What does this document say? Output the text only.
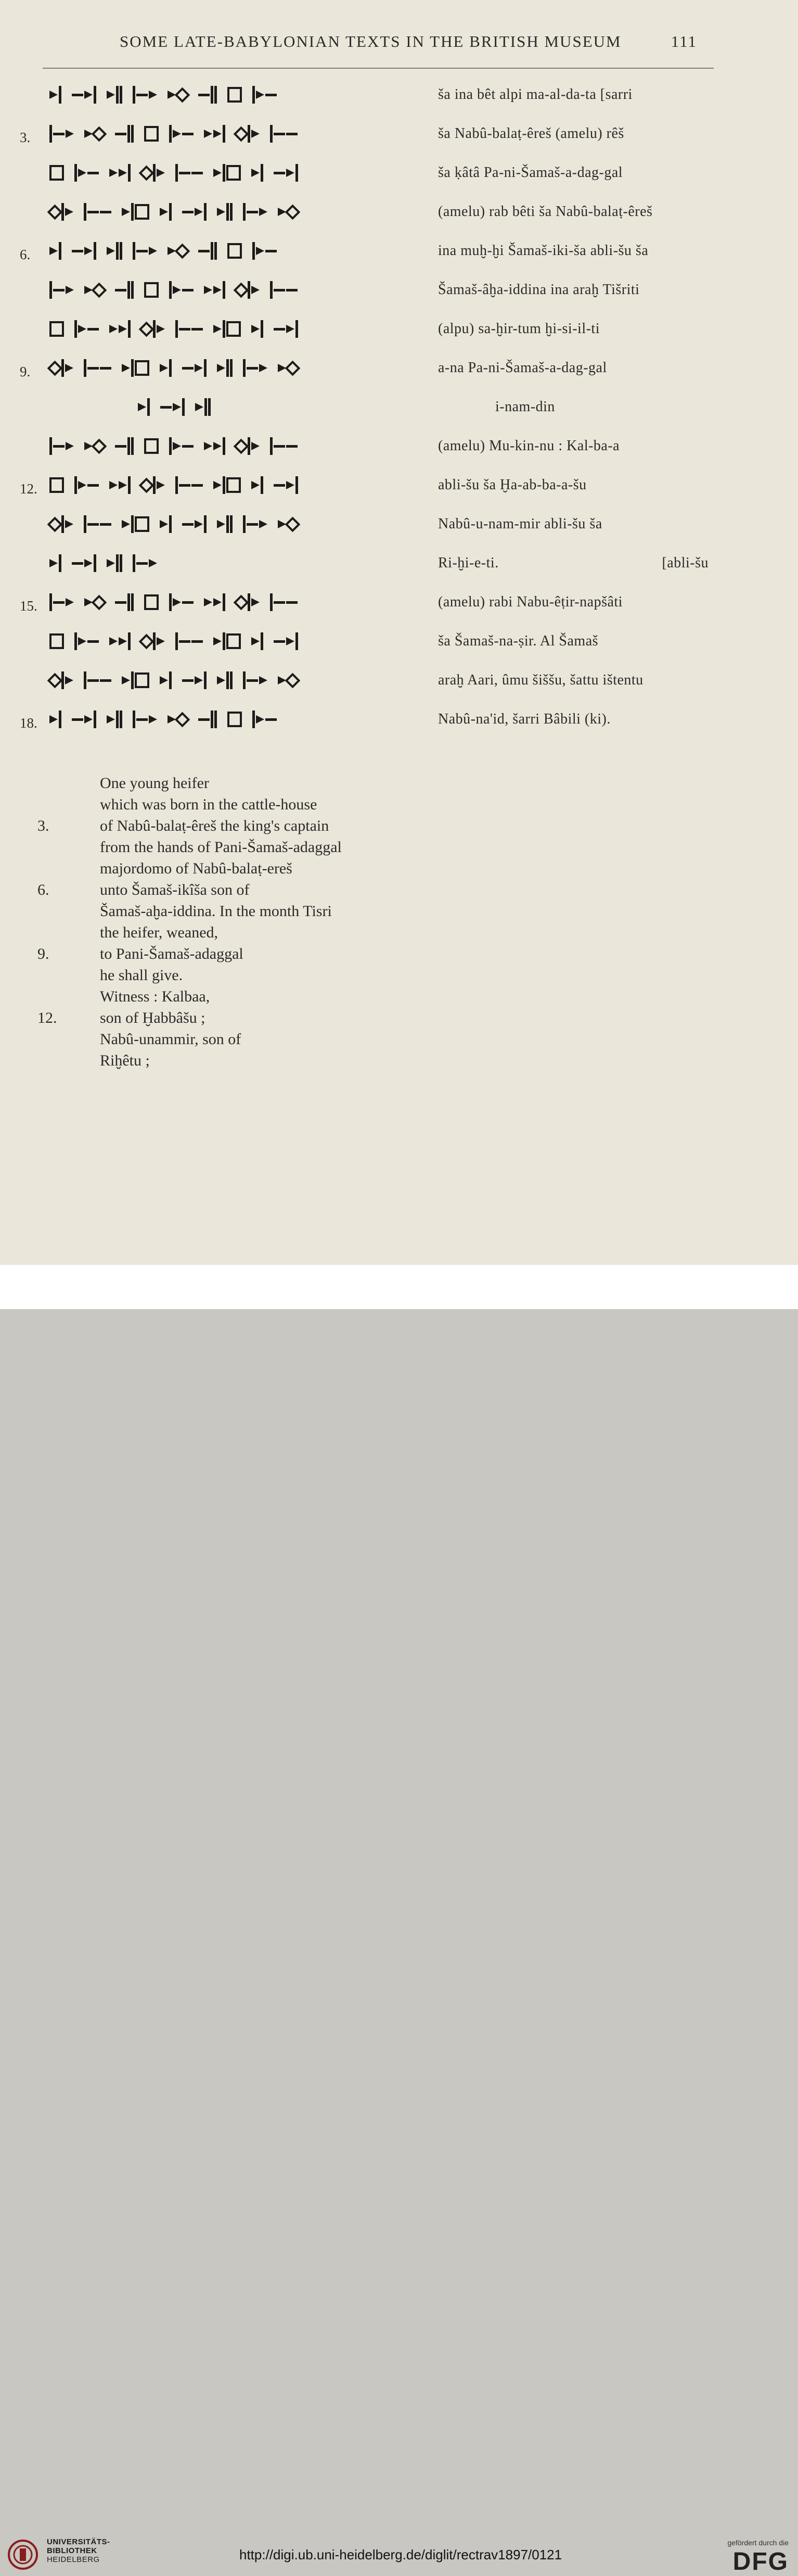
SOME LATE-BABYLONIAN TEXTS IN THE BRITISH MUSEUM	111
ša ina bêt alpi ma-al-da-ta [sarri
3.	ša Nabû-balaṭ-êreš (amelu) rêš
ša ḳâtâ Pa-ni-Šamaš-a-dag-gal
(amelu) rab bêti ša Nabû-balaṭ-êreš
6.	ina muḫ-ḫi Šamaš-iki-ša abli-šu ša
Šamaš-âḫa-iddina ina araḫ Tišriti
(alpu) sa-ḫir-tum ḫi-si-il-ti
9.	a-na Pa-ni-Šamaš-a-dag-gal
i-nam-din
(amelu) Mu-kin-nu : Kal-ba-a
12.	abli-šu ša Ḫa-ab-ba-a-šu
Nabû-u-nam-mir abli-šu ša
Ri-ḫi-e-ti.	[abli-šu
15.	(amelu) rabi Nabu-êṭir-napšâti
ša Šamaš-na-ṣir. Al Šamaš
araḫ Aari, ûmu šiššu, šattu ištentu
18.	Nabû-na'id, šarri Bâbili (ki).
One young heifer
which was born in the cattle-house
3.	of Nabû-balaṭ-êreš the king's captain
from the hands of Pani-Šamaš-adaggal
majordomo of Nabû-balaṭ-ereš
6.	unto Šamaš-ikîša son of
Šamaš-aḫa-iddina. In the month Tisri
the heifer, weaned,
9.	to Pani-Šamaš-adaggal
he shall give.
Witness : Kalbaa,
12.	son of Ḫabbâšu ;
Nabû-unammir, son of
Riḫêtu ;
UNIVERSITÄTS-
BIBLIOTHEK
HEIDELBERG	http://digi.ub.uni-heidelberg.de/diglit/rectrav1897/0121
gefördert durch die
DFG
